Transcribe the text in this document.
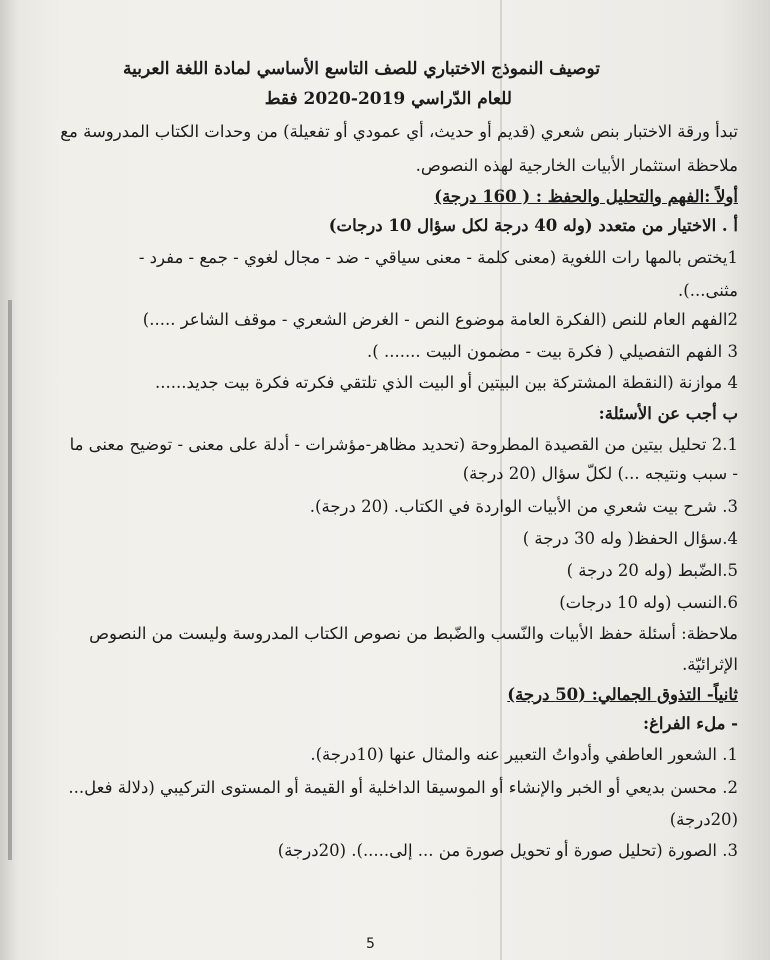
توصيف النموذج الاختباري للصف التاسع الأساسي لمادة اللغة العربية
للعام الدّراسي 2019-2020 فقط
تبدأ ورقة الاختبار بنص شعري (قديم أو حديث، أي عمودي أو تفعيلة) من وحدات الكتاب المدروسة مع
ملاحظة استثمار الأبيات الخارجية لهذه النصوص.
أولاً :الفهم والتحليل والحفظ : ( 160 درجة)
أ . الاختيار من متعدد (وله 40 درجة لكل سؤال 10 درجات)
1يختص بالمها رات اللغوية (معنى كلمة - معنى سياقي - ضد - مجال لغوي - جمع - مفرد -
مثنى...).
2الفهم العام للنص (الفكرة العامة موضوع النص - الغرض الشعري - موقف الشاعر .....)
3 الفهم التفصيلي ( فكرة بيت - مضمون البيت ....... ).
4 موازنة (النقطة المشتركة بين البيتين أو البيت الذي تلتقي فكرته فكرة بيت جديد......
ب أجب عن الأسئلة:
2.1 تحليل بيتين من القصيدة المطروحة (تحديد مظاهر-مؤشرات - أدلة على معنى - توضيح معنى ما
- سبب ونتيجه ...) لكلّ سؤال (20 درجة)
3. شرح بيت شعري من الأبيات الواردة في الكتاب. (20 درجة).
4.سؤال الحفظ( وله 30 درجة )
5.الضّبط (وله 20 درجة )
6.النسب (وله 10 درجات)
ملاحظة: أسئلة حفظ الأبيات والنّسب والضّبط من نصوص الكتاب المدروسة وليست من النصوص
الإثرائيّة.
ثانياً- التذوق الجمالي: (50 درجة)
- ملء الفراغ:
1. الشعور العاطفي وأدواتُ التعبير عنه والمثال عنها (10درجة).
2. محسن بديعي أو الخبر والإنشاء أو الموسيقا الداخلية أو القيمة أو المستوى التركيبي (دلالة فعل...
(20درجة)
3. الصورة (تحليل صورة أو تحويل صورة من ... إلى.....). (20درجة)
5
